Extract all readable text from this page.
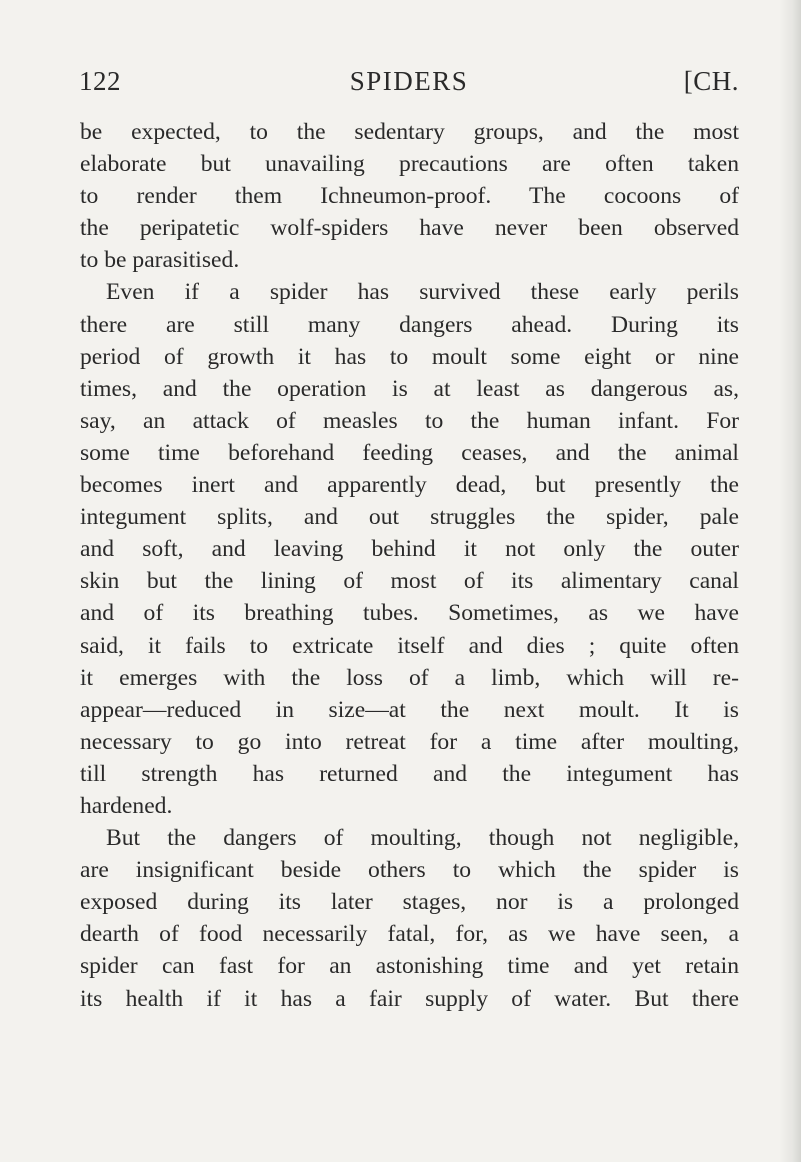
122	SPIDERS	[CH.
be expected, to the sedentary groups, and the most
elaborate but unavailing precautions are often taken
to render them Ichneumon-proof. The cocoons of
the peripatetic wolf-spiders have never been observed
to be parasitised.
Even if a spider has survived these early perils
there are still many dangers ahead. During its
period of growth it has to moult some eight or nine
times, and the operation is at least as dangerous as,
say, an attack of measles to the human infant. For
some time beforehand feeding ceases, and the animal
becomes inert and apparently dead, but presently the
integument splits, and out struggles the spider, pale
and soft, and leaving behind it not only the outer
skin but the lining of most of its alimentary canal
and of its breathing tubes. Sometimes, as we have
said, it fails to extricate itself and dies ; quite often
it emerges with the loss of a limb, which will re-
appear—reduced in size—at the next moult. It is
necessary to go into retreat for a time after moulting,
till strength has returned and the integument has
hardened.
But the dangers of moulting, though not negligible,
are insignificant beside others to which the spider is
exposed during its later stages, nor is a prolonged
dearth of food necessarily fatal, for, as we have seen, a
spider can fast for an astonishing time and yet retain
its health if it has a fair supply of water. But there
